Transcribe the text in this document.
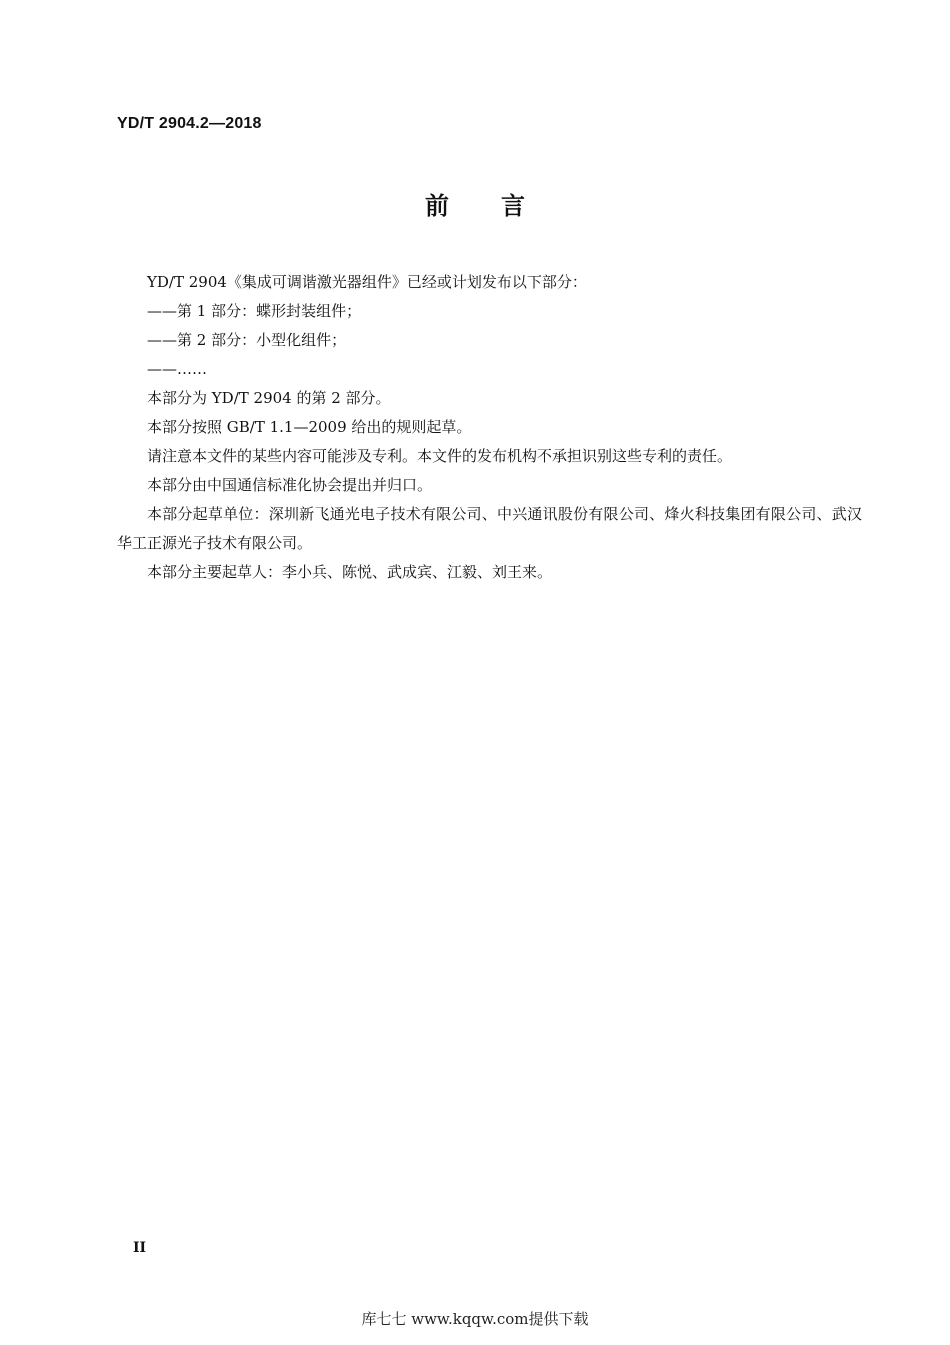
YD/T 2904.2—2018
前 言

YD/T 2904《集成可调谐激光器组件》已经或计划发布以下部分：

——第 1 部分：蝶形封装组件；

——第 2 部分：小型化组件；

——……

本部分为 YD/T 2904 的第 2 部分。

本部分按照 GB/T 1.1—2009 给出的规则起草。

请注意本文件的某些内容可能涉及专利。本文件的发布机构不承担识别这些专利的责任。

本部分由中国通信标准化协会提出并归口。

本部分起草单位：深圳新飞通光电子技术有限公司、中兴通讯股份有限公司、烽火科技集团有限公司、武汉华工正源光子技术有限公司。

本部分主要起草人：李小兵、陈悦、武成宾、江毅、刘王来。

II
库七七 www.kqqw.com提供下载
